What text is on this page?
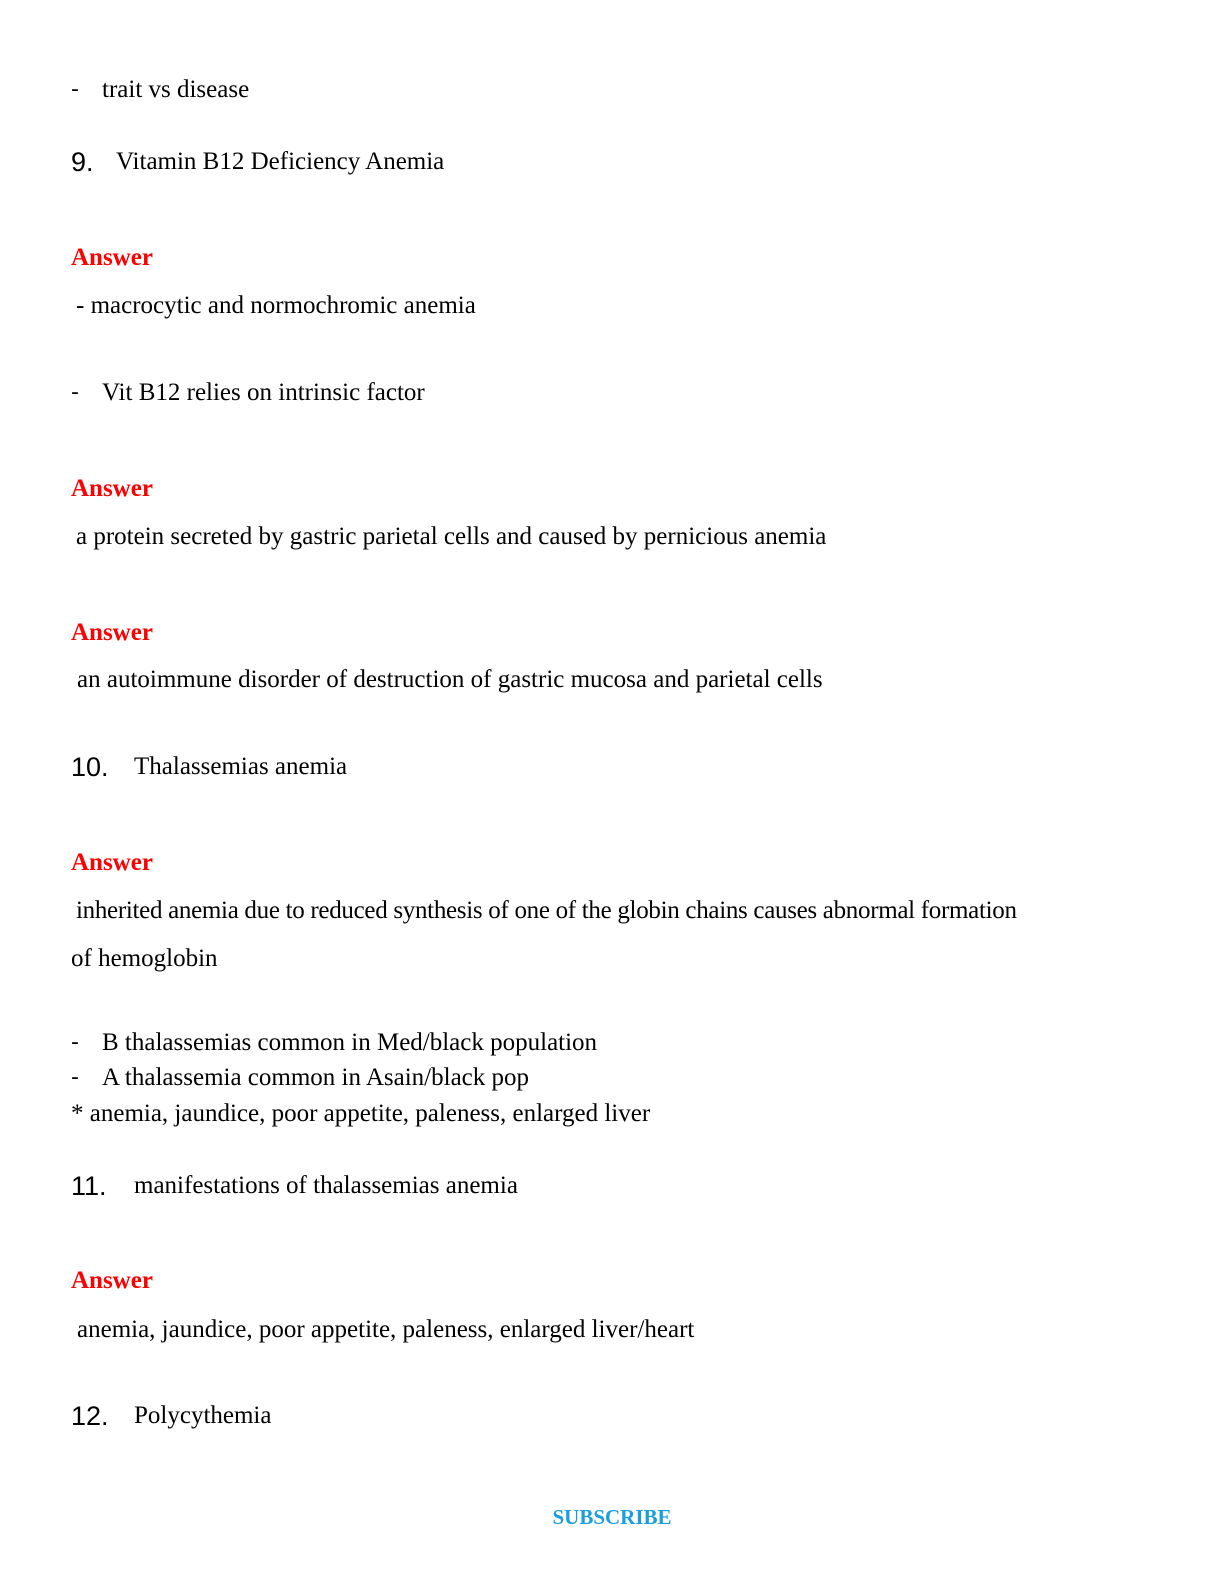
- trait vs disease
9. Vitamin B12 Deficiency Anemia
Answer
- macrocytic and normochromic anemia
- Vit B12 relies on intrinsic factor
Answer
a protein secreted by gastric parietal cells and caused by pernicious anemia
Answer
an autoimmune disorder of destruction of gastric mucosa and parietal cells
10. Thalassemias anemia
Answer
inherited anemia due to reduced synthesis of one of the globin chains causes abnormal formation
of hemoglobin
- B thalassemias common in Med/black population
- A thalassemia common in Asain/black pop
* anemia, jaundice, poor appetite, paleness, enlarged liver
11. manifestations of thalassemias anemia
Answer
anemia, jaundice, poor appetite, paleness, enlarged liver/heart
12. Polycythemia
SUBSCRIBE
